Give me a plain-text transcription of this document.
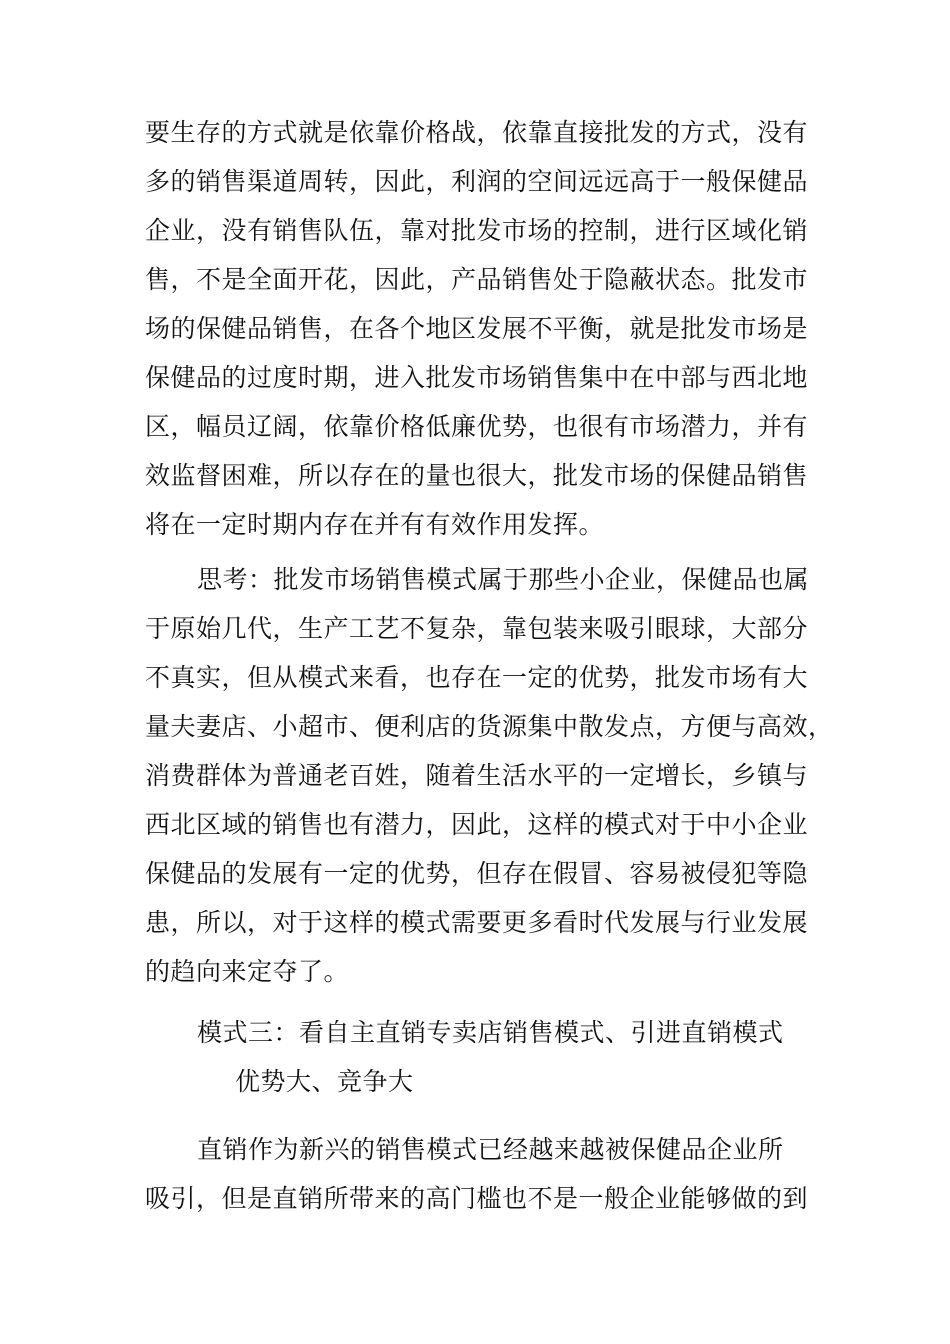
要生存的方式就是依靠价格战，依靠直接批发的方式，没有
多的销售渠道周转，因此，利润的空间远远高于一般保健品
企业，没有销售队伍，靠对批发市场的控制，进行区域化销
售，不是全面开花，因此，产品销售处于隐蔽状态。批发市
场的保健品销售，在各个地区发展不平衡，就是批发市场是
保健品的过度时期，进入批发市场销售集中在中部与西北地
区，幅员辽阔，依靠价格低廉优势，也很有市场潜力，并有
效监督困难，所以存在的量也很大，批发市场的保健品销售
将在一定时期内存在并有有效作用发挥。
思考：批发市场销售模式属于那些小企业，保健品也属
于原始几代，生产工艺不复杂，靠包装来吸引眼球，大部分
不真实，但从模式来看，也存在一定的优势，批发市场有大
量夫妻店、小超市、便利店的货源集中散发点，方便与高效，
消费群体为普通老百姓，随着生活水平的一定增长，乡镇与
西北区域的销售也有潜力，因此，这样的模式对于中小企业
保健品的发展有一定的优势，但存在假冒、容易被侵犯等隐
患，所以，对于这样的模式需要更多看时代发展与行业发展
的趋向来定夺了。
模式三：看自主直销专卖店销售模式、引进直销模式
优势大、竞争大
直销作为新兴的销售模式已经越来越被保健品企业所
吸引，但是直销所带来的高门槛也不是一般企业能够做的到
